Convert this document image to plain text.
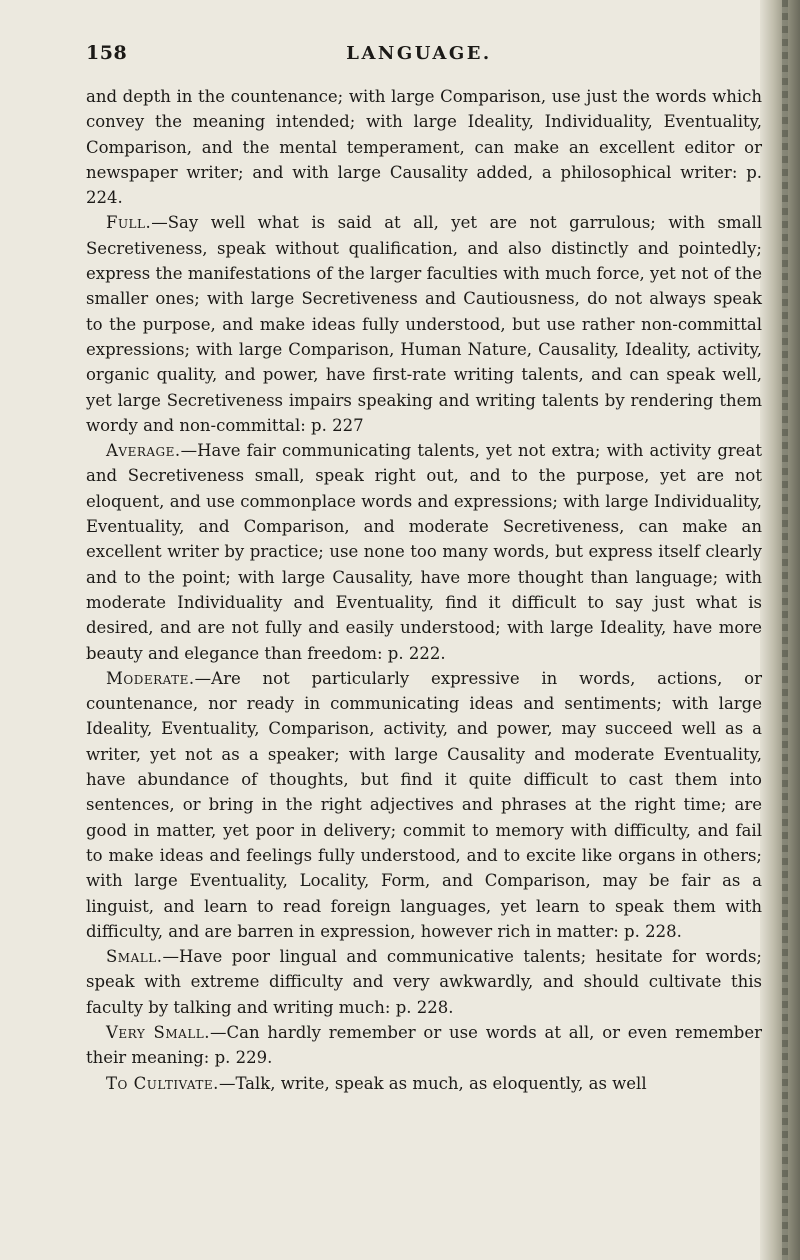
158	LANGUAGE.

and depth in the countenance; with large Comparison, use just the words which convey the meaning intended; with large Ideality, Individuality, Eventuality, Comparison, and the mental temperament, can make an excellent editor or newspaper writer; and with large Causality added, a philosophical writer: p. 224.

Full.—Say well what is said at all, yet are not garrulous; with small Secretiveness, speak without qualification, and also distinctly and pointedly; express the manifestations of the larger faculties with much force, yet not of the smaller ones; with large Secretiveness and Cautiousness, do not always speak to the purpose, and make ideas fully understood, but use rather non-committal expressions; with large Comparison, Human Nature, Causality, Ideality, activity, organic quality, and power, have first-rate writing talents, and can speak well, yet large Secretiveness impairs speaking and writing talents by rendering them wordy and non-committal: p. 227

Average.—Have fair communicating talents, yet not extra; with activity great and Secretiveness small, speak right out, and to the purpose, yet are not eloquent, and use commonplace words and expressions; with large Individuality, Eventuality, and Comparison, and moderate Secretiveness, can make an excellent writer by practice; use none too many words, but express itself clearly and to the point; with large Causality, have more thought than language; with moderate Individuality and Eventuality, find it difficult to say just what is desired, and are not fully and easily understood; with large Ideality, have more beauty and elegance than freedom: p. 222.

Moderate.—Are not particularly expressive in words, actions, or countenance, nor ready in communicating ideas and sentiments; with large Ideality, Eventuality, Comparison, activity, and power, may succeed well as a writer, yet not as a speaker; with large Causality and moderate Eventuality, have abundance of thoughts, but find it quite difficult to cast them into sentences, or bring in the right adjectives and phrases at the right time; are good in matter, yet poor in delivery; commit to memory with difficulty, and fail to make ideas and feelings fully understood, and to excite like organs in others; with large Eventuality, Locality, Form, and Comparison, may be fair as a linguist, and learn to read foreign languages, yet learn to speak them with difficulty, and are barren in expression, however rich in matter: p. 228.

Small.—Have poor lingual and communicative talents; hesitate for words; speak with extreme difficulty and very awkwardly, and should cultivate this faculty by talking and writing much: p. 228.

Very Small.—Can hardly remember or use words at all, or even remember their meaning: p. 229.

To Cultivate.—Talk, write, speak as much, as eloquently, as well
